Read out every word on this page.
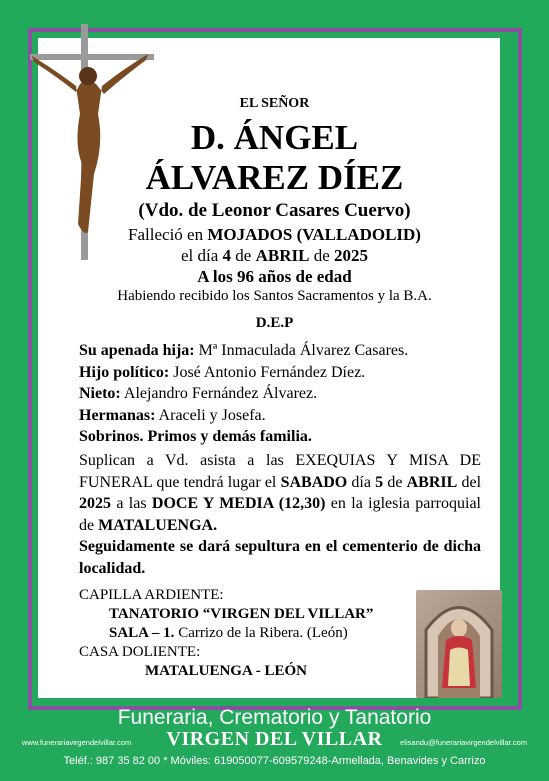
EL SEÑOR
D. ÁNGEL
ÁLVAREZ DÍEZ
(Vdo. de Leonor Casares Cuervo)
Falleció en MOJADOS (VALLADOLID)
el día 4 de ABRIL de 2025
A los 96 años de edad
Habiendo recibido los Santos Sacramentos y la B.A.
D.E.P
Su apenada hija: Mª Inmaculada Álvarez Casares.
Hijo político: José Antonio Fernández Díez.
Nieto: Alejandro Fernández Álvarez.
Hermanas: Araceli y Josefa.
Sobrinos. Primos y demás familia.
Suplican a Vd. asista a las EXEQUIAS Y MISA DE FUNERAL que tendrá lugar el SABADO día 5 de ABRIL del 2025 a las DOCE Y MEDIA (12,30) en la iglesia parroquial de MATALUENGA.
Seguidamente se dará sepultura en el cementerio de dicha localidad.
CAPILLA ARDIENTE:
TANATORIO “VIRGEN DEL VILLAR”
SALA – 1. Carrizo de la Ribera. (León)
CASA DOLIENTE:
MATALUENGA - LEÓN
Funeraria, Crematorio y Tanatorio
www.funerariavirgendelvillar.com	VIRGEN DEL VILLAR	elisandu@funerariavirgendelvillar.com
Teléf.: 987 35 82 00 * Móviles: 619050077-609579248-Armellada, Benavides y Carrizo
